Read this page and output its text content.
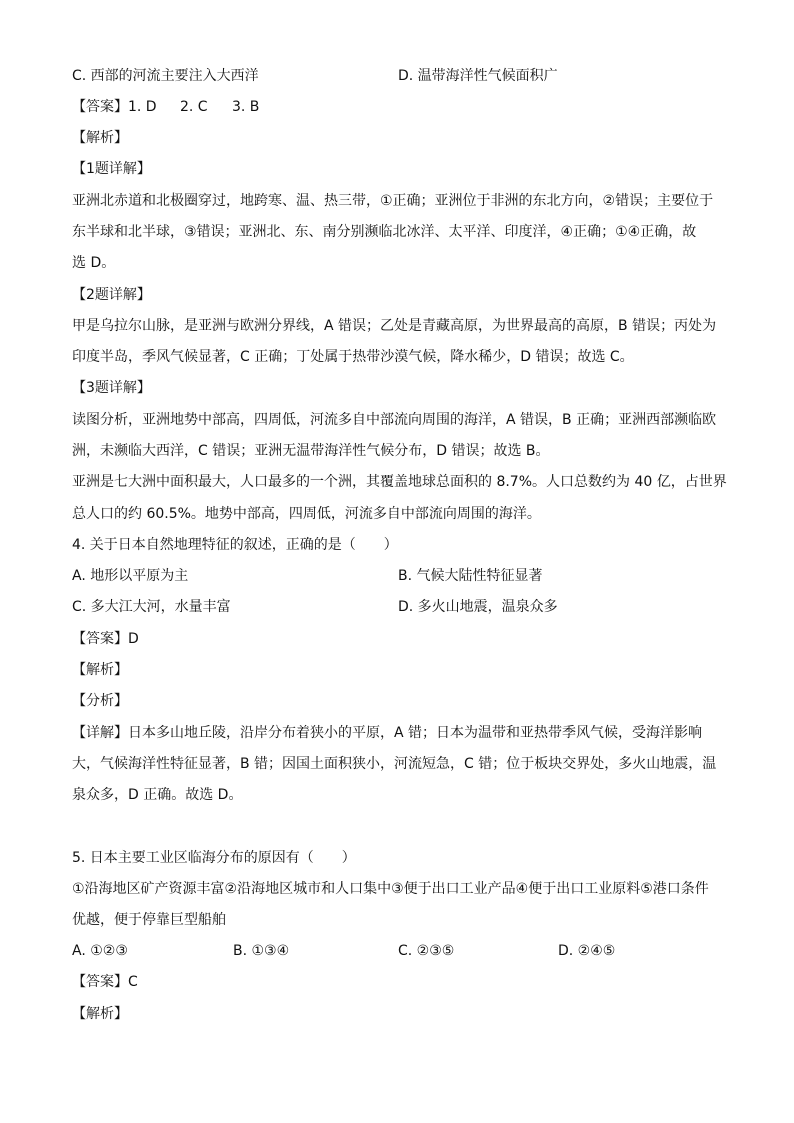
C. 西部的河流主要注入大西洋	D. 温带海洋性气候面积广
【答案】1. D 2. C 3. B
【解析】
【1题详解】
亚洲北赤道和北极圈穿过，地跨寒、温、热三带，①正确；亚洲位于非洲的东北方向，②错误；主要位于
东半球和北半球，③错误；亚洲北、东、南分别濒临北冰洋、太平洋、印度洋，④正确；①④正确，故
选 D。
【2题详解】
甲是乌拉尔山脉，是亚洲与欧洲分界线，A 错误；乙处是青藏高原，为世界最高的高原，B 错误；丙处为
印度半岛，季风气候显著，C 正确；丁处属于热带沙漠气候，降水稀少，D 错误；故选 C。
【3题详解】
读图分析，亚洲地势中部高，四周低，河流多自中部流向周围的海洋，A 错误，B 正确；亚洲西部濒临欧
洲，未濒临大西洋，C 错误；亚洲无温带海洋性气候分布，D 错误；故选 B。
亚洲是七大洲中面积最大，人口最多的一个洲，其覆盖地球总面积的 8.7%。人口总数约为 40 亿，占世界
总人口的约 60.5%。地势中部高，四周低，河流多自中部流向周围的海洋。
4. 关于日本自然地理特征的叙述，正确的是（　　）
A. 地形以平原为主	B. 气候大陆性特征显著
C. 多大江大河，水量丰富	D. 多火山地震，温泉众多
【答案】D
【解析】
【分析】
【详解】日本多山地丘陵，沿岸分布着狭小的平原，A 错；日本为温带和亚热带季风气候，受海洋影响
大，气候海洋性特征显著，B 错；因国土面积狭小，河流短急，C 错；位于板块交界处，多火山地震，温
泉众多，D 正确。故选 D。
5. 日本主要工业区临海分布的原因有（　　）
①沿海地区矿产资源丰富②沿海地区城市和人口集中③便于出口工业产品④便于出口工业原料⑤港口条件
优越，便于停靠巨型船舶
A. ①②③	B. ①③④	C. ②③⑤	D. ②④⑤
【答案】C
【解析】
